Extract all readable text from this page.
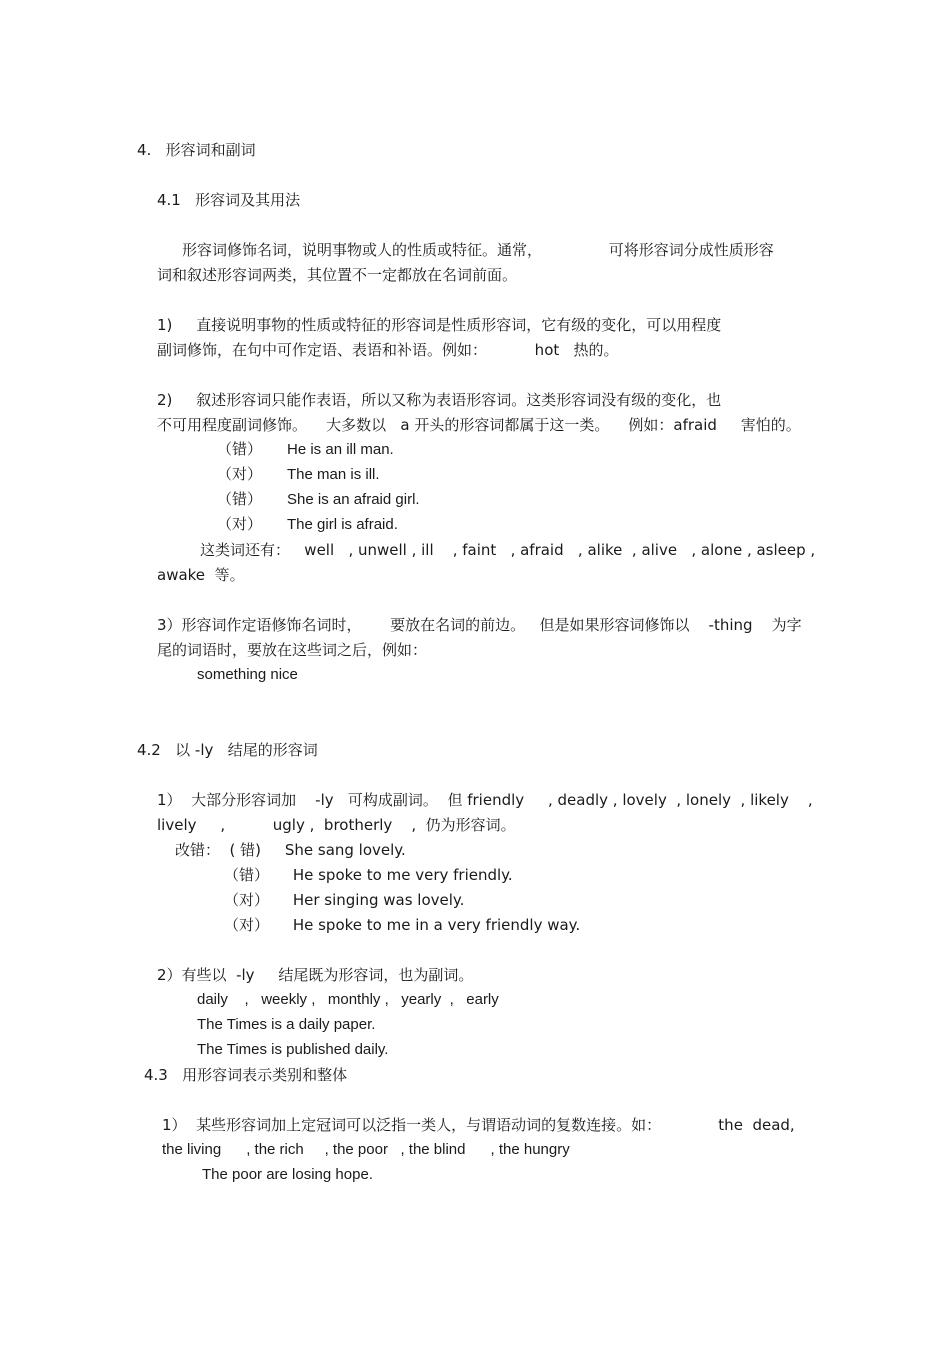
4.   形容词和副词
4.1   形容词及其用法
形容词修饰名词，说明事物或人的性质或特征。通常，              可将形容词分成性质形容
词和叙述形容词两类，其位置不一定都放在名词前面。
1)     直接说明事物的性质或特征的形容词是性质形容词，它有级的变化，可以用程度
副词修饰，在句中可作定语、表语和补语。例如：          hot   热的。
2)     叙述形容词只能作表语，所以又称为表语形容词。这类形容词没有级的变化，也
不可用程度副词修饰。    大多数以   a 开头的形容词都属于这一类。    例如：afraid     害怕的。
（错）      He is an ill man.
（对）      The man is ill.
（错）      She is an afraid girl.
（对）      The girl is afraid.
这类词还有：   well   , unwell , ill    , faint   , afraid   , alike  , alive   , alone , asleep ,
awake  等。
3）形容词作定语修饰名词时，      要放在名词的前边。   但是如果形容词修饰以    -thing    为字
尾的词语时，要放在这些词之后，例如：
something nice
4.2   以 -ly   结尾的形容词
1）  大部分形容词加    -ly   可构成副词。  但 friendly     , deadly , lovely  , lonely  , likely    ,
lively     ,          ugly ,  brotherly    ,  仍为形容词。
改错：  ( 错)     She sang lovely.
（错）     He spoke to me very friendly.
（对）     Her singing was lovely.
（对）     He spoke to me in a very friendly way.
2）有些以  -ly     结尾既为形容词，也为副词。
daily    ,   weekly ,   monthly ,   yearly  ,   early
The Times is a daily paper.
The Times is published daily.
4.3   用形容词表示类别和整体
1）  某些形容词加上定冠词可以泛指一类人，与谓语动词的复数连接。如：            the  dead,
the living      , the rich     , the poor   , the blind      , the hungry
The poor are losing hope.
